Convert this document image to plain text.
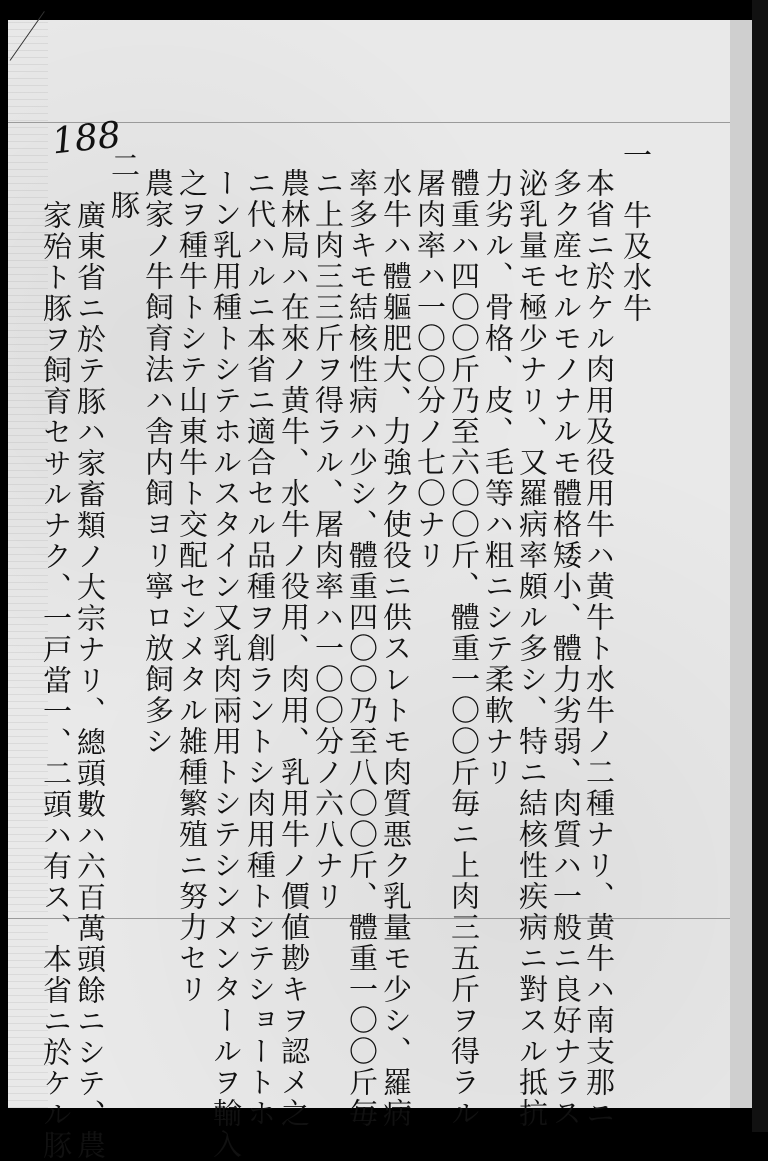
188	一
牛及水牛
本省ニ於ケル肉用及役用牛ハ黄牛ト水牛ノ二種ナリ、黄牛ハ南支那ニ
多ク産セルモノナルモ體格矮小、體力劣弱、肉質ハ一般ニ良好ナラス
泌乳量モ極少ナリ、又羅病率頗ル多シ、特ニ結核性疾病ニ對スル抵抗
力劣ル、骨格、皮、毛等ハ粗ニシテ柔軟ナリ
體重ハ四〇〇斤乃至六〇〇斤、體重一〇〇斤毎ニ上肉三五斤ヲ得ラル
屠肉率ハ一〇〇分ノ七〇ナリ
水牛ハ體軀肥大、力強ク使役ニ供スレトモ肉質悪ク乳量モ少シ、羅病
率多キモ結核性病ハ少シ、體重四〇〇乃至八〇〇斤、體重一〇〇斤毎
ニ上肉三三斤ヲ得ラル、屠肉率ハ一〇〇分ノ六八ナリ
農林局ハ在來ノ黄牛、水牛ノ役用、肉用、乳用牛ノ價値尠キヲ認メ之
ニ代ハルニ本省ニ適合セル品種ヲ創ラントシ肉用種トシテショートホ
ーン乳用種トシテホルスタイン又乳肉兩用トシテシンメンタールヲ輸入
之ヲ種牛トシテ山東牛ト交配セシメタル雑種繁殖ニ努力セリ
農家ノ牛飼育法ハ舎内飼ヨリ寧ロ放飼多シ
二
豚
廣東省ニ於テ豚ハ家畜類ノ大宗ナリ、總頭數ハ六百萬頭餘ニシテ、農
家殆ト豚ヲ飼育セサルナク、一戸當一、二頭ハ有ス、本省ニ於ケル豚
